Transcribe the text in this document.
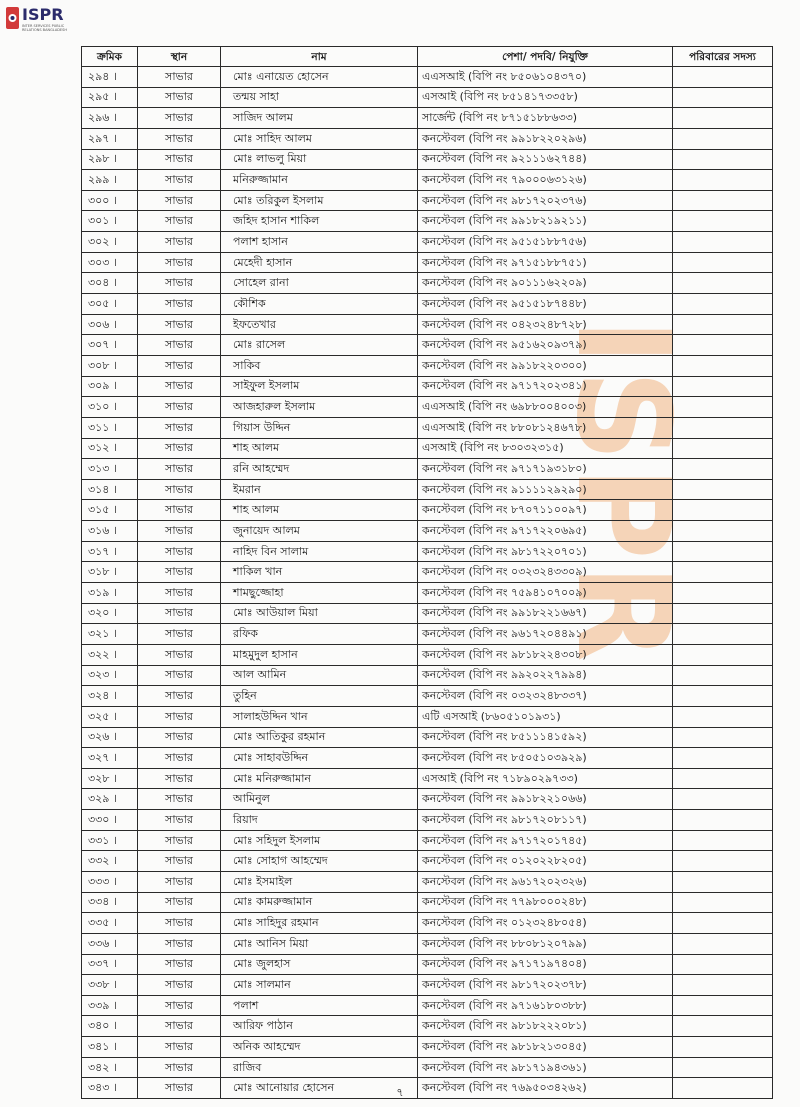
ISPR
INTER SERVICES PUBLIC RELATIONS BANGLADESH
ISPR
ক্রমিক	স্থান	নাম	পেশা/ পদবি/ নিযুক্তি	পরিবারের সদস্য
২৯৪ ।	সাভার	মোঃ এনায়েত হোসেন	এএসআই (বিপি নং ৮৫০৬১০৪৩৭০)	
২৯৫ ।	সাভার	তন্ময় সাহা	এসআই (বিপি নং ৮৫১৪১৭৩৩৫৮)	
২৯৬ ।	সাভার	সাজিদ আলম	সার্জেন্ট (বিপি নং ৮৭১৫১৮৮৬৩৩)	
২৯৭ ।	সাভার	মোঃ সাহিদ আলম	কনস্টেবল (বিপি নং ৯৯১৮২২০২৯৬)	
২৯৮ ।	সাভার	মোঃ লাভলু মিয়া	কনস্টেবল (বিপি নং ৯২১১১৬২৭৪৪)	
২৯৯ ।	সাভার	মনিরুজ্জামান	কনস্টেবল (বিপি নং ৭৯০০০৬৩১২৬)	
৩০০ ।	সাভার	মোঃ তরিকুল ইসলাম	কনস্টেবল (বিপি নং ৯৮১৭২০২৩৭৬)	
৩০১ ।	সাভার	জহিদ হাসান শাকিল	কনস্টেবল (বিপি নং ৯৯১৮২১৯২১১)	
৩০২ ।	সাভার	পলাশ হাসান	কনস্টেবল (বিপি নং ৯৫১৫১৮৮৭৫৬)	
৩০৩ ।	সাভার	মেহেদী হাসান	কনস্টেবল (বিপি নং ৯৭১৫১৮৮৭৫১)	
৩০৪ ।	সাভার	সোহেল রানা	কনস্টেবল (বিপি নং ৯০১১১৬২২০৯)	
৩০৫ ।	সাভার	কৌশিক	কনস্টেবল (বিপি নং ৯৫১৫১৮৭৪৪৮)	
৩০৬ ।	সাভার	ইফতেখার	কনস্টেবল (বিপি নং ০৪২৩২৪৮৭২৮)	
৩০৭ ।	সাভার	মোঃ রাসেল	কনস্টেবল (বিপি নং ৯৫১৬২০৯৩৭৯)	
৩০৮ ।	সাভার	সাকিব	কনস্টেবল (বিপি নং ৯৯১৮২২০৩০০)	
৩০৯ ।	সাভার	সাইফুল ইসলাম	কনস্টেবল (বিপি নং ৯৭১৭২০২৩৪১)	
৩১০ ।	সাভার	আজহারুল ইসলাম	এএসআই (বিপি নং ৬৯৮৮০০৪০০৩)	
৩১১ ।	সাভার	গিয়াস উদ্দিন	এএসআই (বিপি নং ৮৮০৮১২৪৬৭৮)	
৩১২ ।	সাভার	শাহ আলম	এসআই (বিপি নং ৮৩০৩২৩১৫)	
৩১৩ ।	সাভার	রনি আহম্মেদ	কনস্টেবল (বিপি নং ৯৭১৭১৯৩১৮০)	
৩১৪ ।	সাভার	ইমরান	কনস্টেবল (বিপি নং ৯১১১১২৯২৯০)	
৩১৫ ।	সাভার	শাহ আলম	কনস্টেবল (বিপি নং ৮৭০৭১১০০৯৭)	
৩১৬ ।	সাভার	জুনায়েদ আলম	কনস্টেবল (বিপি নং ৯৭১৭২২০৬৯৫)	
৩১৭ ।	সাভার	নাহিদ বিন সালাম	কনস্টেবল (বিপি নং ৯৮১৭২২০৭০১)	
৩১৮ ।	সাভার	শাকিল খান	কনস্টেবল (বিপি নং ০৩২৩২৪৩৩০৯)	
৩১৯ ।	সাভার	শামছুজ্জোহা	কনস্টেবল (বিপি নং ৭৫৯৪১০৭০০৯)	
৩২০ ।	সাভার	মোঃ আউয়াল মিয়া	কনস্টেবল (বিপি নং ৯৯১৮২২১৬৬৭)	
৩২১ ।	সাভার	রফিক	কনস্টেবল (বিপি নং ৯৬১৭২০৪৪৯১)	
৩২২ ।	সাভার	মাহমুদুল হাসান	কনস্টেবল (বিপি নং ৯৮১৮২২৪৩০৮)	
৩২৩ ।	সাভার	আল আমিন	কনস্টেবল (বিপি নং ৯৯২০২২৭৯৯৪)	
৩২৪ ।	সাভার	তুহিন	কনস্টেবল (বিপি নং ০৩২৩২৪৮৩৩৭)	
৩২৫ ।	সাভার	সালাহউদ্দিন খান	এটি এসআই (৮৬০৫১০১৯৩১)	
৩২৬ ।	সাভার	মোঃ আতিকুর রহমান	কনস্টেবল (বিপি নং ৮৫১১১৪১৫৯২)	
৩২৭ ।	সাভার	মোঃ সাহাবউদ্দিন	কনস্টেবল (বিপি নং ৮৫০৫১০৩৯২৯)	
৩২৮ ।	সাভার	মোঃ মনিরুজ্জামান	এসআই (বিপি নং ৭১৮৯০২৯৭৩৩)	
৩২৯ ।	সাভার	আমিনুল	কনস্টেবল (বিপি নং ৯৯১৮২২১০৬৬)	
৩৩০ ।	সাভার	রিয়াদ	কনস্টেবল (বিপি নং ৯৮১৭২০৮১১৭)	
৩৩১ ।	সাভার	মোঃ সহিদুল ইসলাম	কনস্টেবল (বিপি নং ৯৭১৭২০১৭৪৫)	
৩৩২ ।	সাভার	মোঃ সোহাগ আহম্মেদ	কনস্টেবল (বিপি নং ০১২০২২৮২০৫)	
৩৩৩ ।	সাভার	মোঃ ইসমাইল	কনস্টেবল (বিপি নং ৯৬১৭২০২৩২৬)	
৩৩৪ ।	সাভার	মোঃ কামরুজ্জামান	কনস্টেবল (বিপি নং ৭৭৯৮০০০২৪৮)	
৩৩৫ ।	সাভার	মোঃ সাহিদুর রহমান	কনস্টেবল (বিপি নং ০১২৩২৪৮০৫৪)	
৩৩৬ ।	সাভার	মোঃ আনিস মিয়া	কনস্টেবল (বিপি নং ৮৮০৮১২০৭৯৯)	
৩৩৭ ।	সাভার	মোঃ জুলহাস	কনস্টেবল (বিপি নং ৯৭১৭১৯৭৪০৪)	
৩৩৮ ।	সাভার	মোঃ সালমান	কনস্টেবল (বিপি নং ৯৮১৭২০২৩৭৮)	
৩৩৯ ।	সাভার	পলাশ	কনস্টেবল (বিপি নং ৯৭১৬১৮০৩৮৮)	
৩৪০ ।	সাভার	আরিফ পাঠান	কনস্টেবল (বিপি নং ৯৮১৮২২২০৮১)	
৩৪১ ।	সাভার	অনিক আহম্মেদ	কনস্টেবল (বিপি নং ৯৮১৮২১৩০৪৫)	
৩৪২ ।	সাভার	রাজিব	কনস্টেবল (বিপি নং ৯৮১৭১৯৪৩৬১)	
৩৪৩ ।	সাভার	মোঃ আনোয়ার হোসেন	কনস্টেবল (বিপি নং ৭৬৯৫০৩৪২৬২)	
৭
